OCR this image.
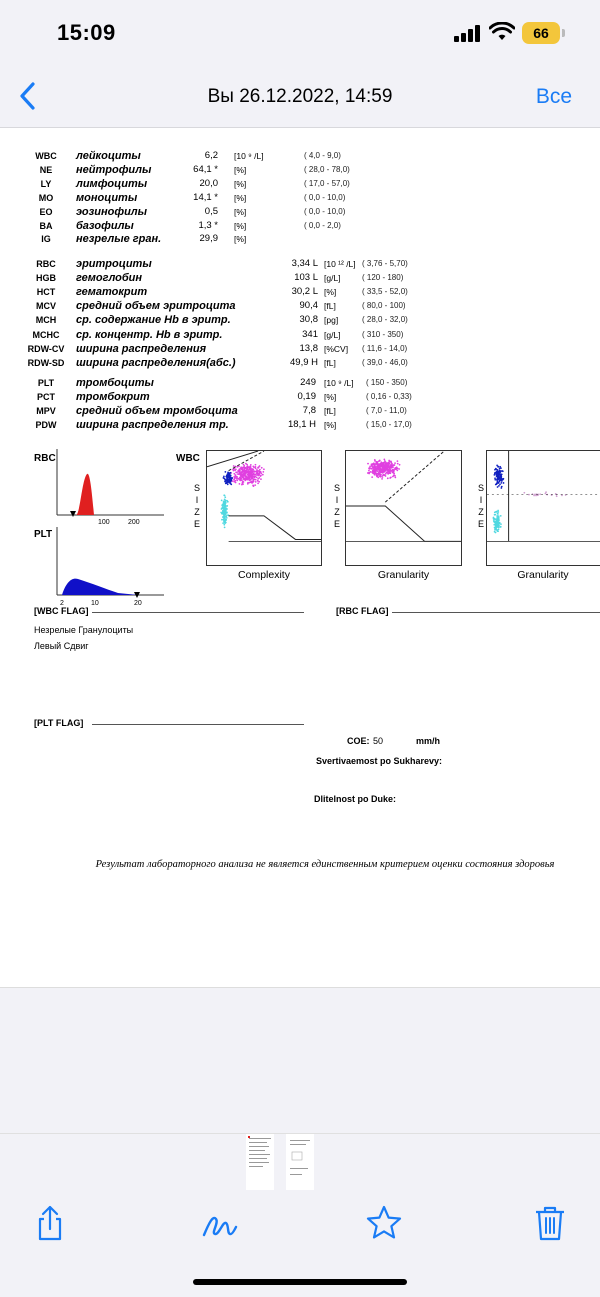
15:09	66
Вы 26.12.2022, 14:59	Все
WBC	лейкоциты	6,2 [10 ⁹ /L]	( 4,0 - 9,0)
NE	нейтрофилы	64,1 * [%]	( 28,0 - 78,0)
LY	лимфоциты	20,0 [%]	( 17,0 - 57,0)
MO	моноциты	14,1 * [%]	( 0,0 - 10,0)
EO	эозинофилы	0,5 [%]	( 0,0 - 10,0)
BA	базофилы	1,3 * [%]	( 0,0 - 2,0)
IG	незрелые гран.	29,9 [%]
RBC	эритроциты	3,34 L [10 ¹² /L] ( 3,76 - 5,70)
HGB	гемоглобин	103 L [g/L]	( 120 - 180)
HCT	гематокрит	30,2 L [%]	( 33,5 - 52,0)
MCV	средний объем эритроцита	90,4 [fL]	( 80,0 - 100)
MCH	ср. содержание Hb в эритр.	30,8 [pg]	( 28,0 - 32,0)
MCHC	ср. концентр. Hb в эритр.	341 [g/L]	( 310 - 350)
RDW-CV ширина распределения	13,8 [%CV] ( 11,6 - 14,0)
RDW-SD ширина распределения(абс.)	49,9 H [fL]	( 39,0 - 46,0)
PLT	тромбоциты	249 [10 ⁹ /L] ( 150 - 350)
PCT	тромбокрит	0,19 [%]	( 0,16 - 0,33)
MPV	средний объем тромбоцита	7,8 [fL]	( 7,0 - 11,0)
PDW	ширина распределения тр.	18,1 H [%]	( 15,0 - 17,0)
RBC
100	200
PLT
2	10	20
WBC
S
I
Z
E
Complexity
S
I
Z
E
Granularity
S
I
Z
E
Granularity
[WBC FLAG]
Незрелые Гранулоциты
Левый Сдвиг
[RBC FLAG]
[PLT FLAG]
COE: 50	mm/h
Svertivaemost po Sukharevy:
Dlitelnost po Duke:
Результат лабораторного анализа не является единственным критерием оценки состояния здоровья
